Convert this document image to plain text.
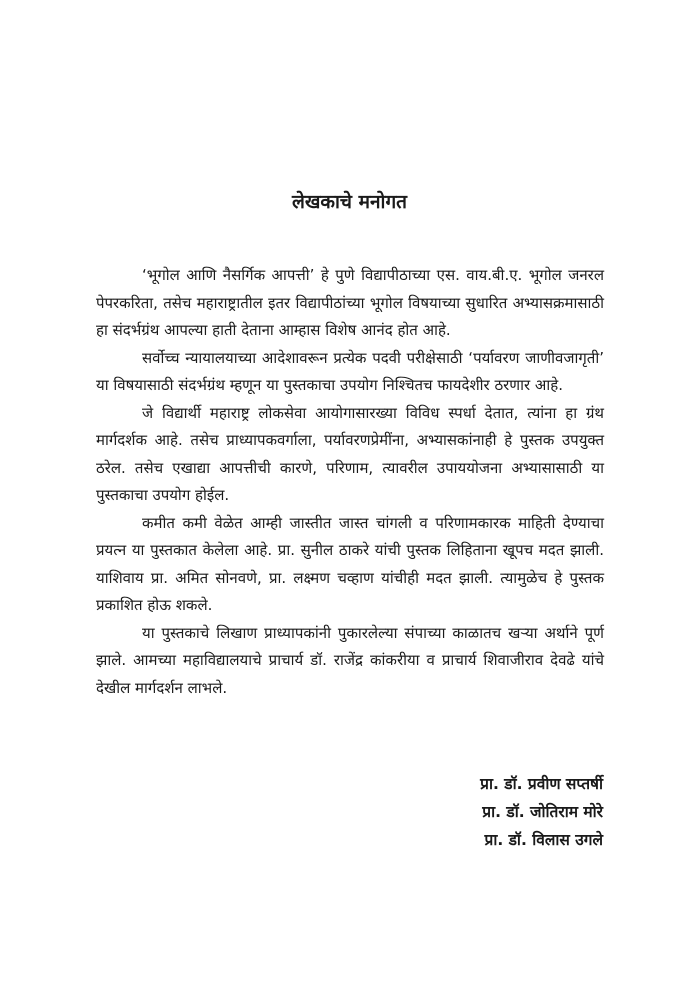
लेखकाचे मनोगत

‘भूगोल आणि नैसर्गिक आपत्ती’ हे पुणे विद्यापीठाच्या एस. वाय.बी.ए. भूगोल जनरल पेपरकरिता, तसेच महाराष्ट्रातील इतर विद्यापीठांच्या भूगोल विषयाच्या सुधारित अभ्यासक्रमासाठी हा संदर्भग्रंथ आपल्या हाती देताना आम्हास विशेष आनंद होत आहे.

सर्वोच्च न्यायालयाच्या आदेशावरून प्रत्येक पदवी परीक्षेसाठी ‘पर्यावरण जाणीवजागृती’ या विषयासाठी संदर्भग्रंथ म्हणून या पुस्तकाचा उपयोग निश्चितच फायदेशीर ठरणार आहे.

जे विद्यार्थी महाराष्ट्र लोकसेवा आयोगासारख्या विविध स्पर्धा देतात, त्यांना हा ग्रंथ मार्गदर्शक आहे. तसेच प्राध्यापकवर्गाला, पर्यावरणप्रेमींना, अभ्यासकांनाही हे पुस्तक उपयुक्त ठरेल. तसेच एखाद्या आपत्तीची कारणे, परिणाम, त्यावरील उपाययोजना अभ्यासासाठी या पुस्तकाचा उपयोग होईल.

कमीत कमी वेळेत आम्ही जास्तीत जास्त चांगली व परिणामकारक माहिती देण्याचा प्रयत्न या पुस्तकात केलेला आहे. प्रा. सुनील ठाकरे यांची पुस्तक लिहिताना खूपच मदत झाली. याशिवाय प्रा. अमित सोनवणे, प्रा. लक्ष्मण चव्हाण यांचीही मदत झाली. त्यामुळेच हे पुस्तक प्रकाशित होऊ शकले.

या पुस्तकाचे लिखाण प्राध्यापकांनी पुकारलेल्या संपाच्या काळातच खऱ्या अर्थाने पूर्ण झाले. आमच्या महाविद्यालयाचे प्राचार्य डॉ. राजेंद्र कांकरीया व प्राचार्य शिवाजीराव देवढे यांचे देखील मार्गदर्शन लाभले.

प्रा. डॉ. प्रवीण सप्तर्षी
प्रा. डॉ. जोतिराम मोरे
प्रा. डॉ. विलास उगले
